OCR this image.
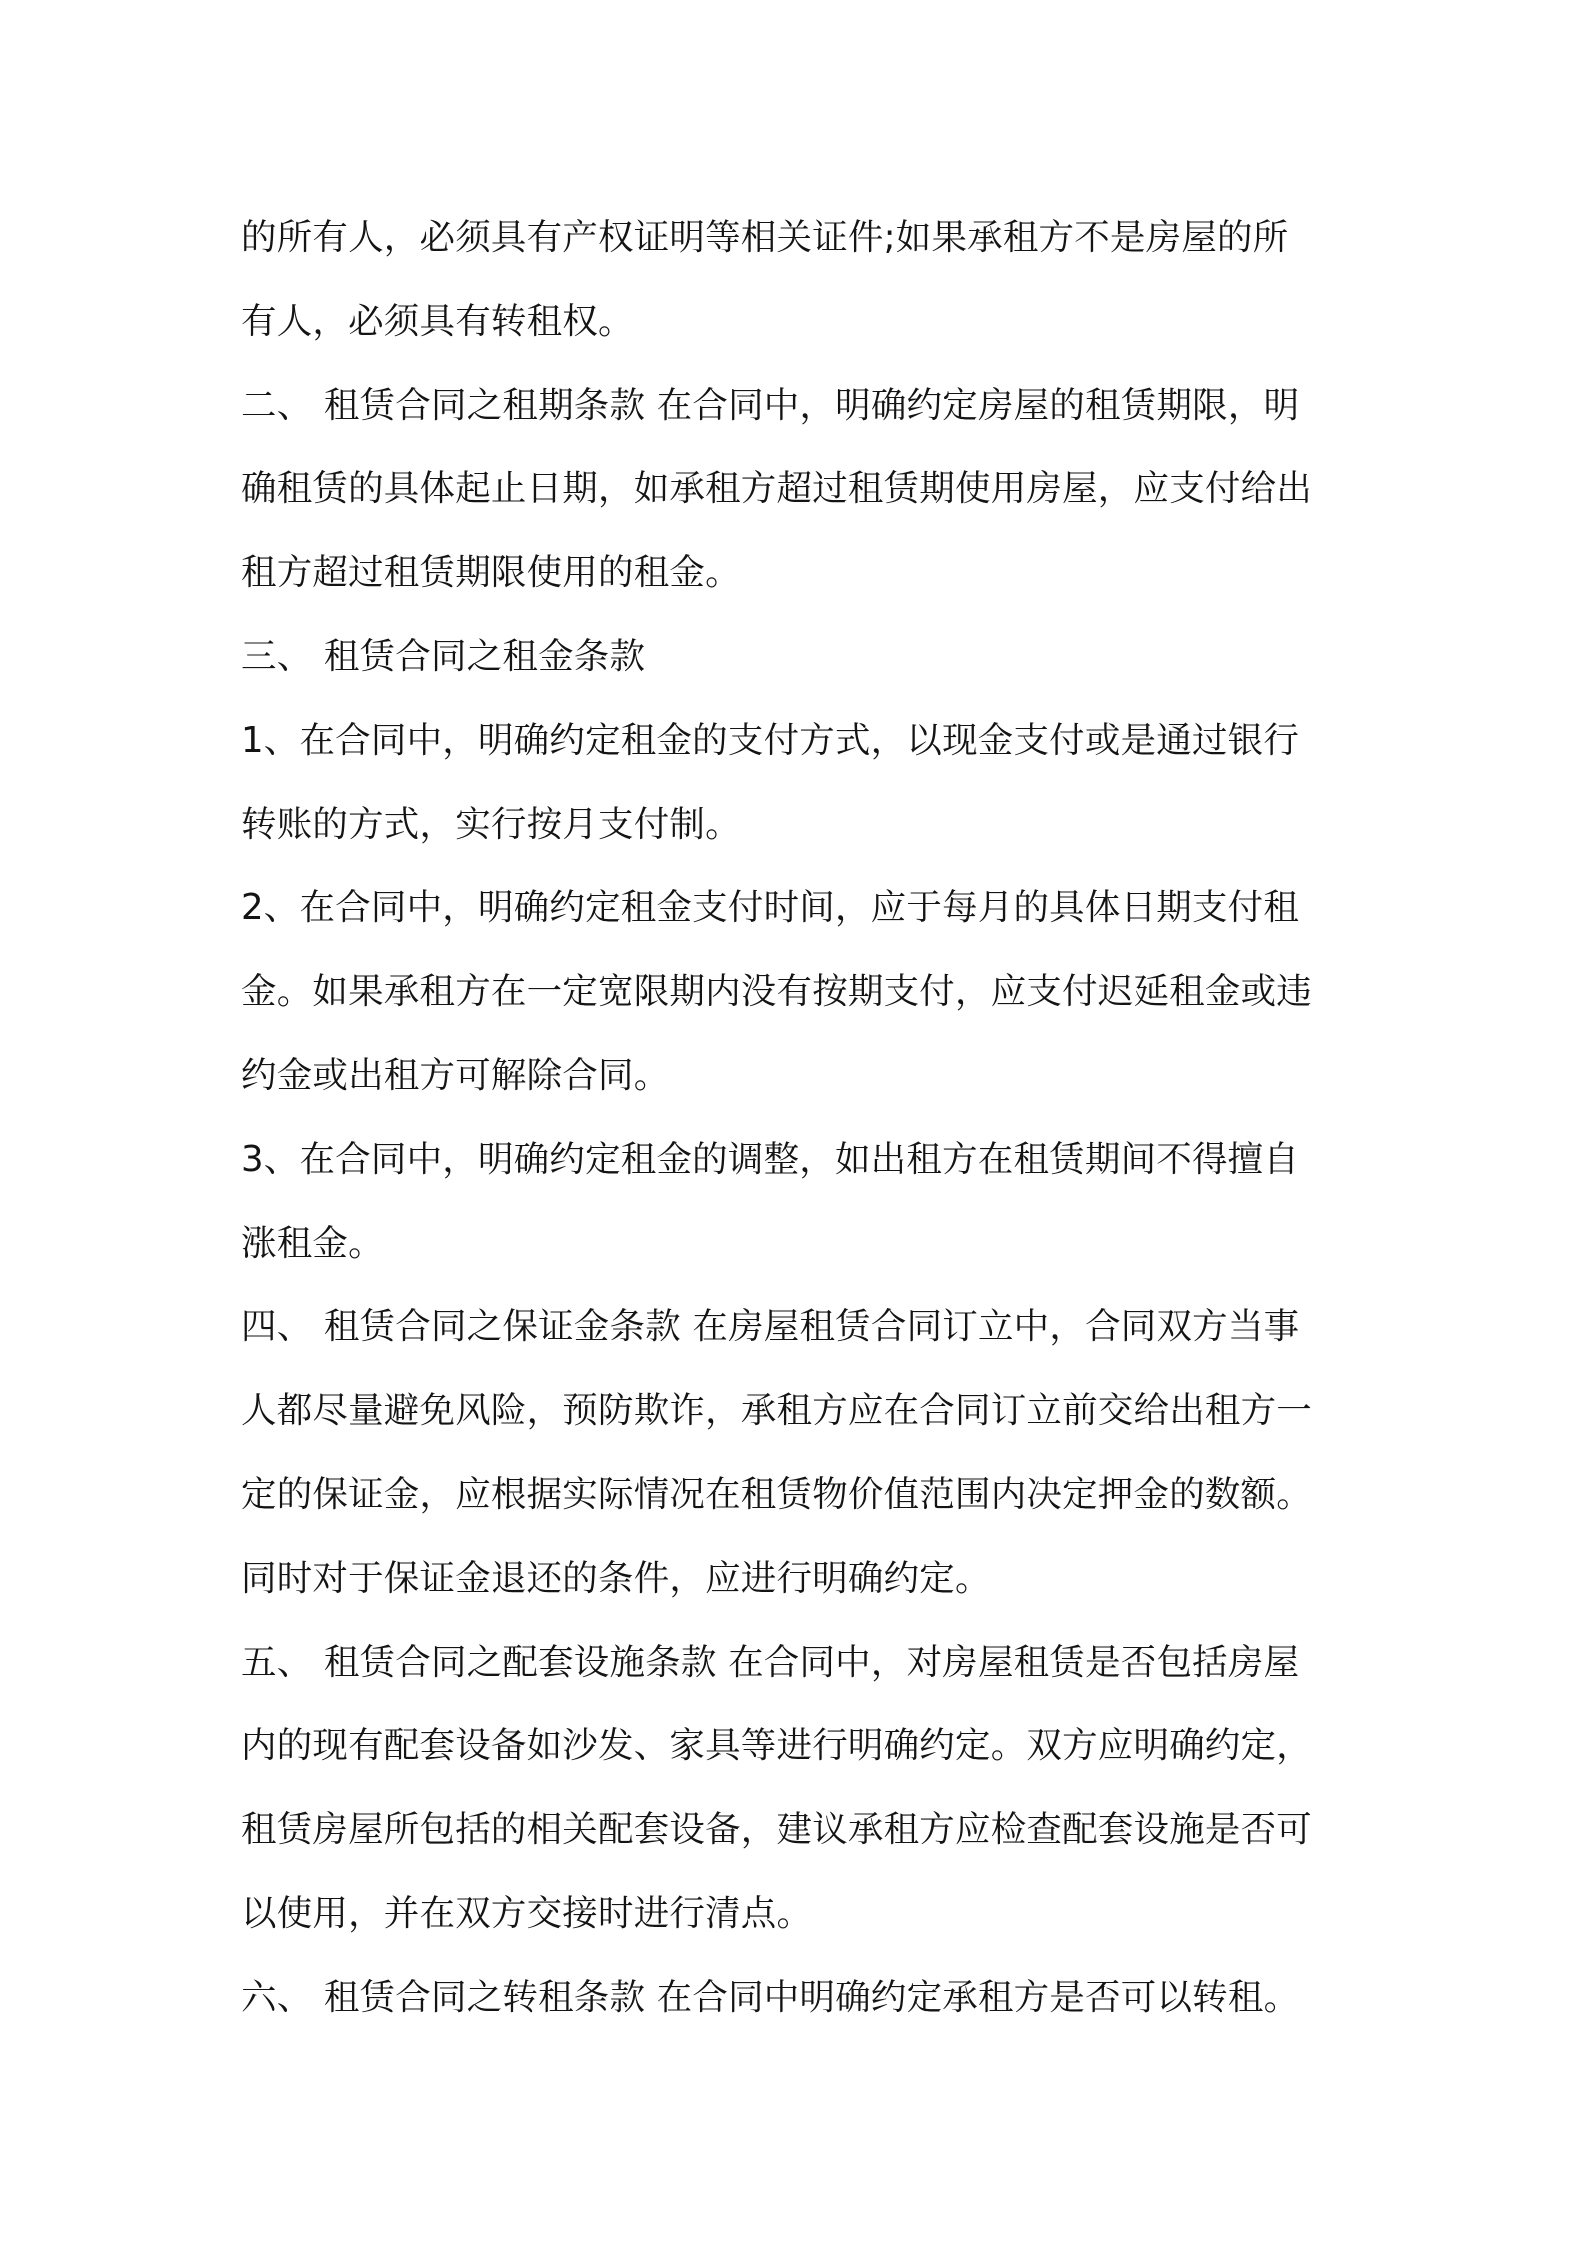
的所有人，必须具有产权证明等相关证件;如果承租方不是房屋的所

有人，必须具有转租权。

二、 租赁合同之租期条款 在合同中，明确约定房屋的租赁期限，明

确租赁的具体起止日期，如承租方超过租赁期使用房屋，应支付给出

租方超过租赁期限使用的租金。

三、 租赁合同之租金条款

1、在合同中，明确约定租金的支付方式，以现金支付或是通过银行

转账的方式，实行按月支付制。

2、在合同中，明确约定租金支付时间，应于每月的具体日期支付租

金。如果承租方在一定宽限期内没有按期支付，应支付迟延租金或违

约金或出租方可解除合同。

3、在合同中，明确约定租金的调整，如出租方在租赁期间不得擅自

涨租金。

四、 租赁合同之保证金条款 在房屋租赁合同订立中，合同双方当事

人都尽量避免风险，预防欺诈，承租方应在合同订立前交给出租方一

定的保证金，应根据实际情况在租赁物价值范围内决定押金的数额。

同时对于保证金退还的条件，应进行明确约定。

五、 租赁合同之配套设施条款 在合同中，对房屋租赁是否包括房屋

内的现有配套设备如沙发、家具等进行明确约定。双方应明确约定，

租赁房屋所包括的相关配套设备，建议承租方应检查配套设施是否可

以使用，并在双方交接时进行清点。

六、 租赁合同之转租条款 在合同中明确约定承租方是否可以转租。
